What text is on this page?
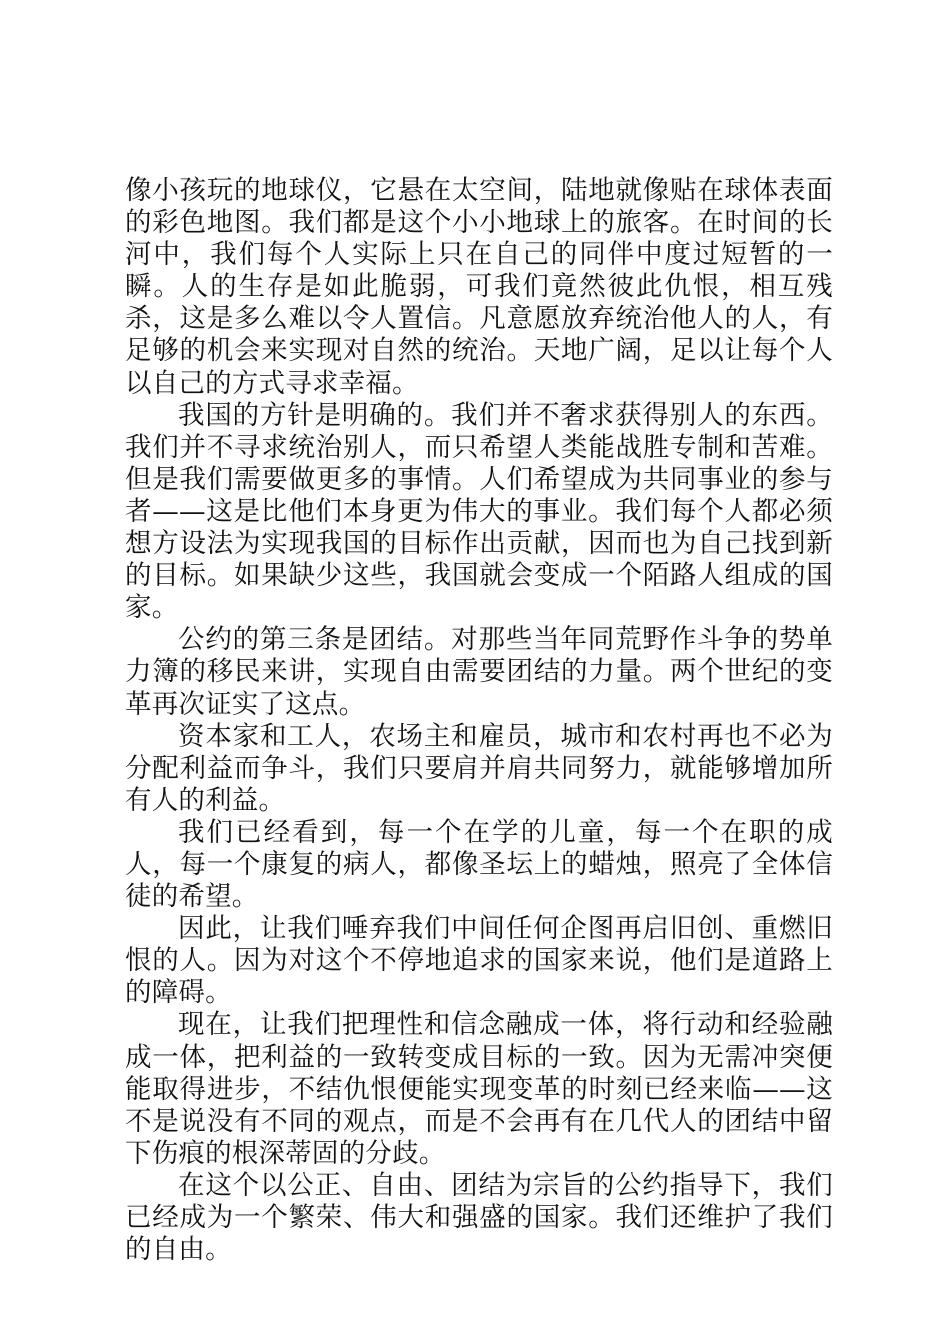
像小孩玩的地球仪，它悬在太空间，陆地就像贴在球体表面的彩色地图。我们都是这个小小地球上的旅客。在时间的长河中，我们每个人实际上只在自己的同伴中度过短暂的一瞬。人的生存是如此脆弱，可我们竟然彼此仇恨，相互残杀，这是多么难以令人置信。凡意愿放弃统治他人的人，有足够的机会来实现对自然的统治。天地广阔，足以让每个人以自己的方式寻求幸福。

我国的方针是明确的。我们并不奢求获得别人的东西。我们并不寻求统治别人，而只希望人类能战胜专制和苦难。但是我们需要做更多的事情。人们希望成为共同事业的参与者——这是比他们本身更为伟大的事业。我们每个人都必须想方设法为实现我国的目标作出贡献，因而也为自己找到新的目标。如果缺少这些，我国就会变成一个陌路人组成的国家。

公约的第三条是团结。对那些当年同荒野作斗争的势单力簿的移民来讲，实现自由需要团结的力量。两个世纪的变革再次证实了这点。

资本家和工人，农场主和雇员，城市和农村再也不必为分配利益而争斗，我们只要肩并肩共同努力，就能够增加所有人的利益。

我们已经看到，每一个在学的儿童，每一个在职的成人，每一个康复的病人，都像圣坛上的蜡烛，照亮了全体信徒的希望。

因此，让我们唾弃我们中间任何企图再启旧创、重燃旧恨的人。因为对这个不停地追求的国家来说，他们是道路上的障碍。

现在，让我们把理性和信念融成一体，将行动和经验融成一体，把利益的一致转变成目标的一致。因为无需冲突便能取得进步，不结仇恨便能实现变革的时刻已经来临——这不是说没有不同的观点，而是不会再有在几代人的团结中留下伤痕的根深蒂固的分歧。

在这个以公正、自由、团结为宗旨的公约指导下，我们已经成为一个繁荣、伟大和强盛的国家。我们还维护了我们的自由。
